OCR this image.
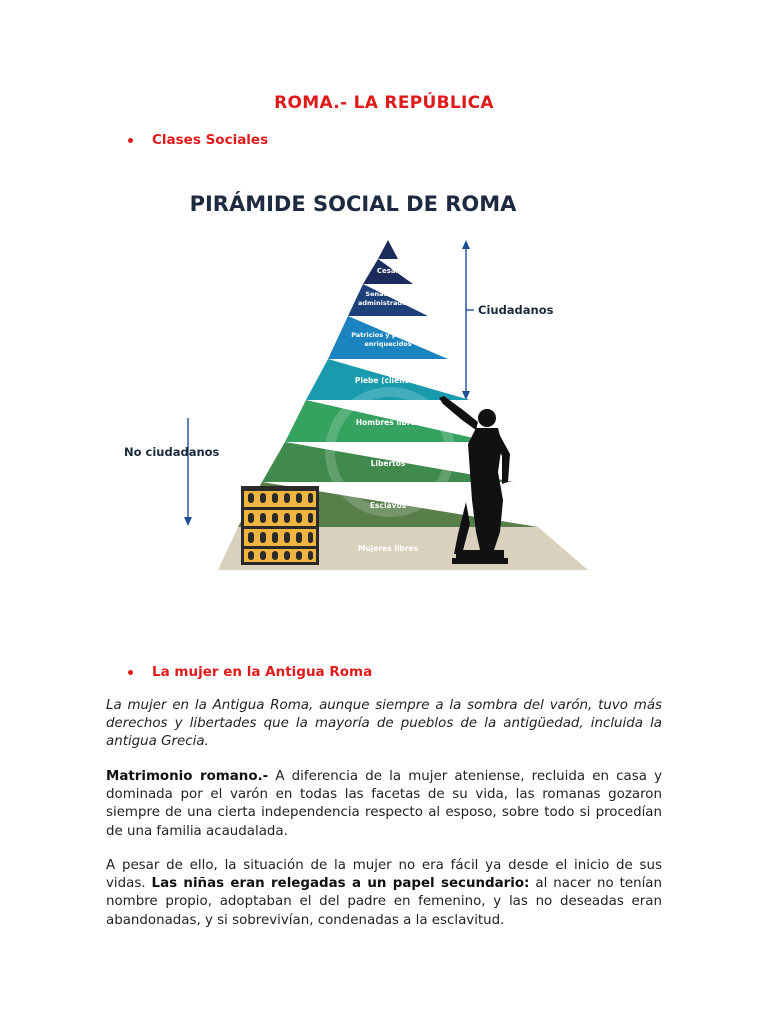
ROMA.- LA REPÚBLICA
Clases Sociales
PIRÁMIDE SOCIAL DE ROMA
Cesar
Senadores y
administradores
Patricios y plebeyos
enriquecidos
Plebe (clientes)
Hombres libres
Libertos
Esclavos
Mujeres libres
Ciudadanos
No ciudadanos
La mujer en la Antigua Roma

La mujer en la Antigua Roma, aunque siempre a la sombra del varón, tuvo más derechos y libertades que la mayoría de pueblos de la antigüedad, incluida la antigua Grecia.

Matrimonio romano.- A diferencia de la mujer ateniense, recluida en casa y dominada por el varón en todas las facetas de su vida, las romanas gozaron siempre de una cierta independencia respecto al esposo, sobre todo si procedían de una familia acaudalada.

A pesar de ello, la situación de la mujer no era fácil ya desde el inicio de sus vidas. Las niñas eran relegadas a un papel secundario: al nacer no tenían nombre propio, adoptaban el del padre en femenino, y las no deseadas eran abandonadas, y si sobrevivían, condenadas a la esclavitud.
